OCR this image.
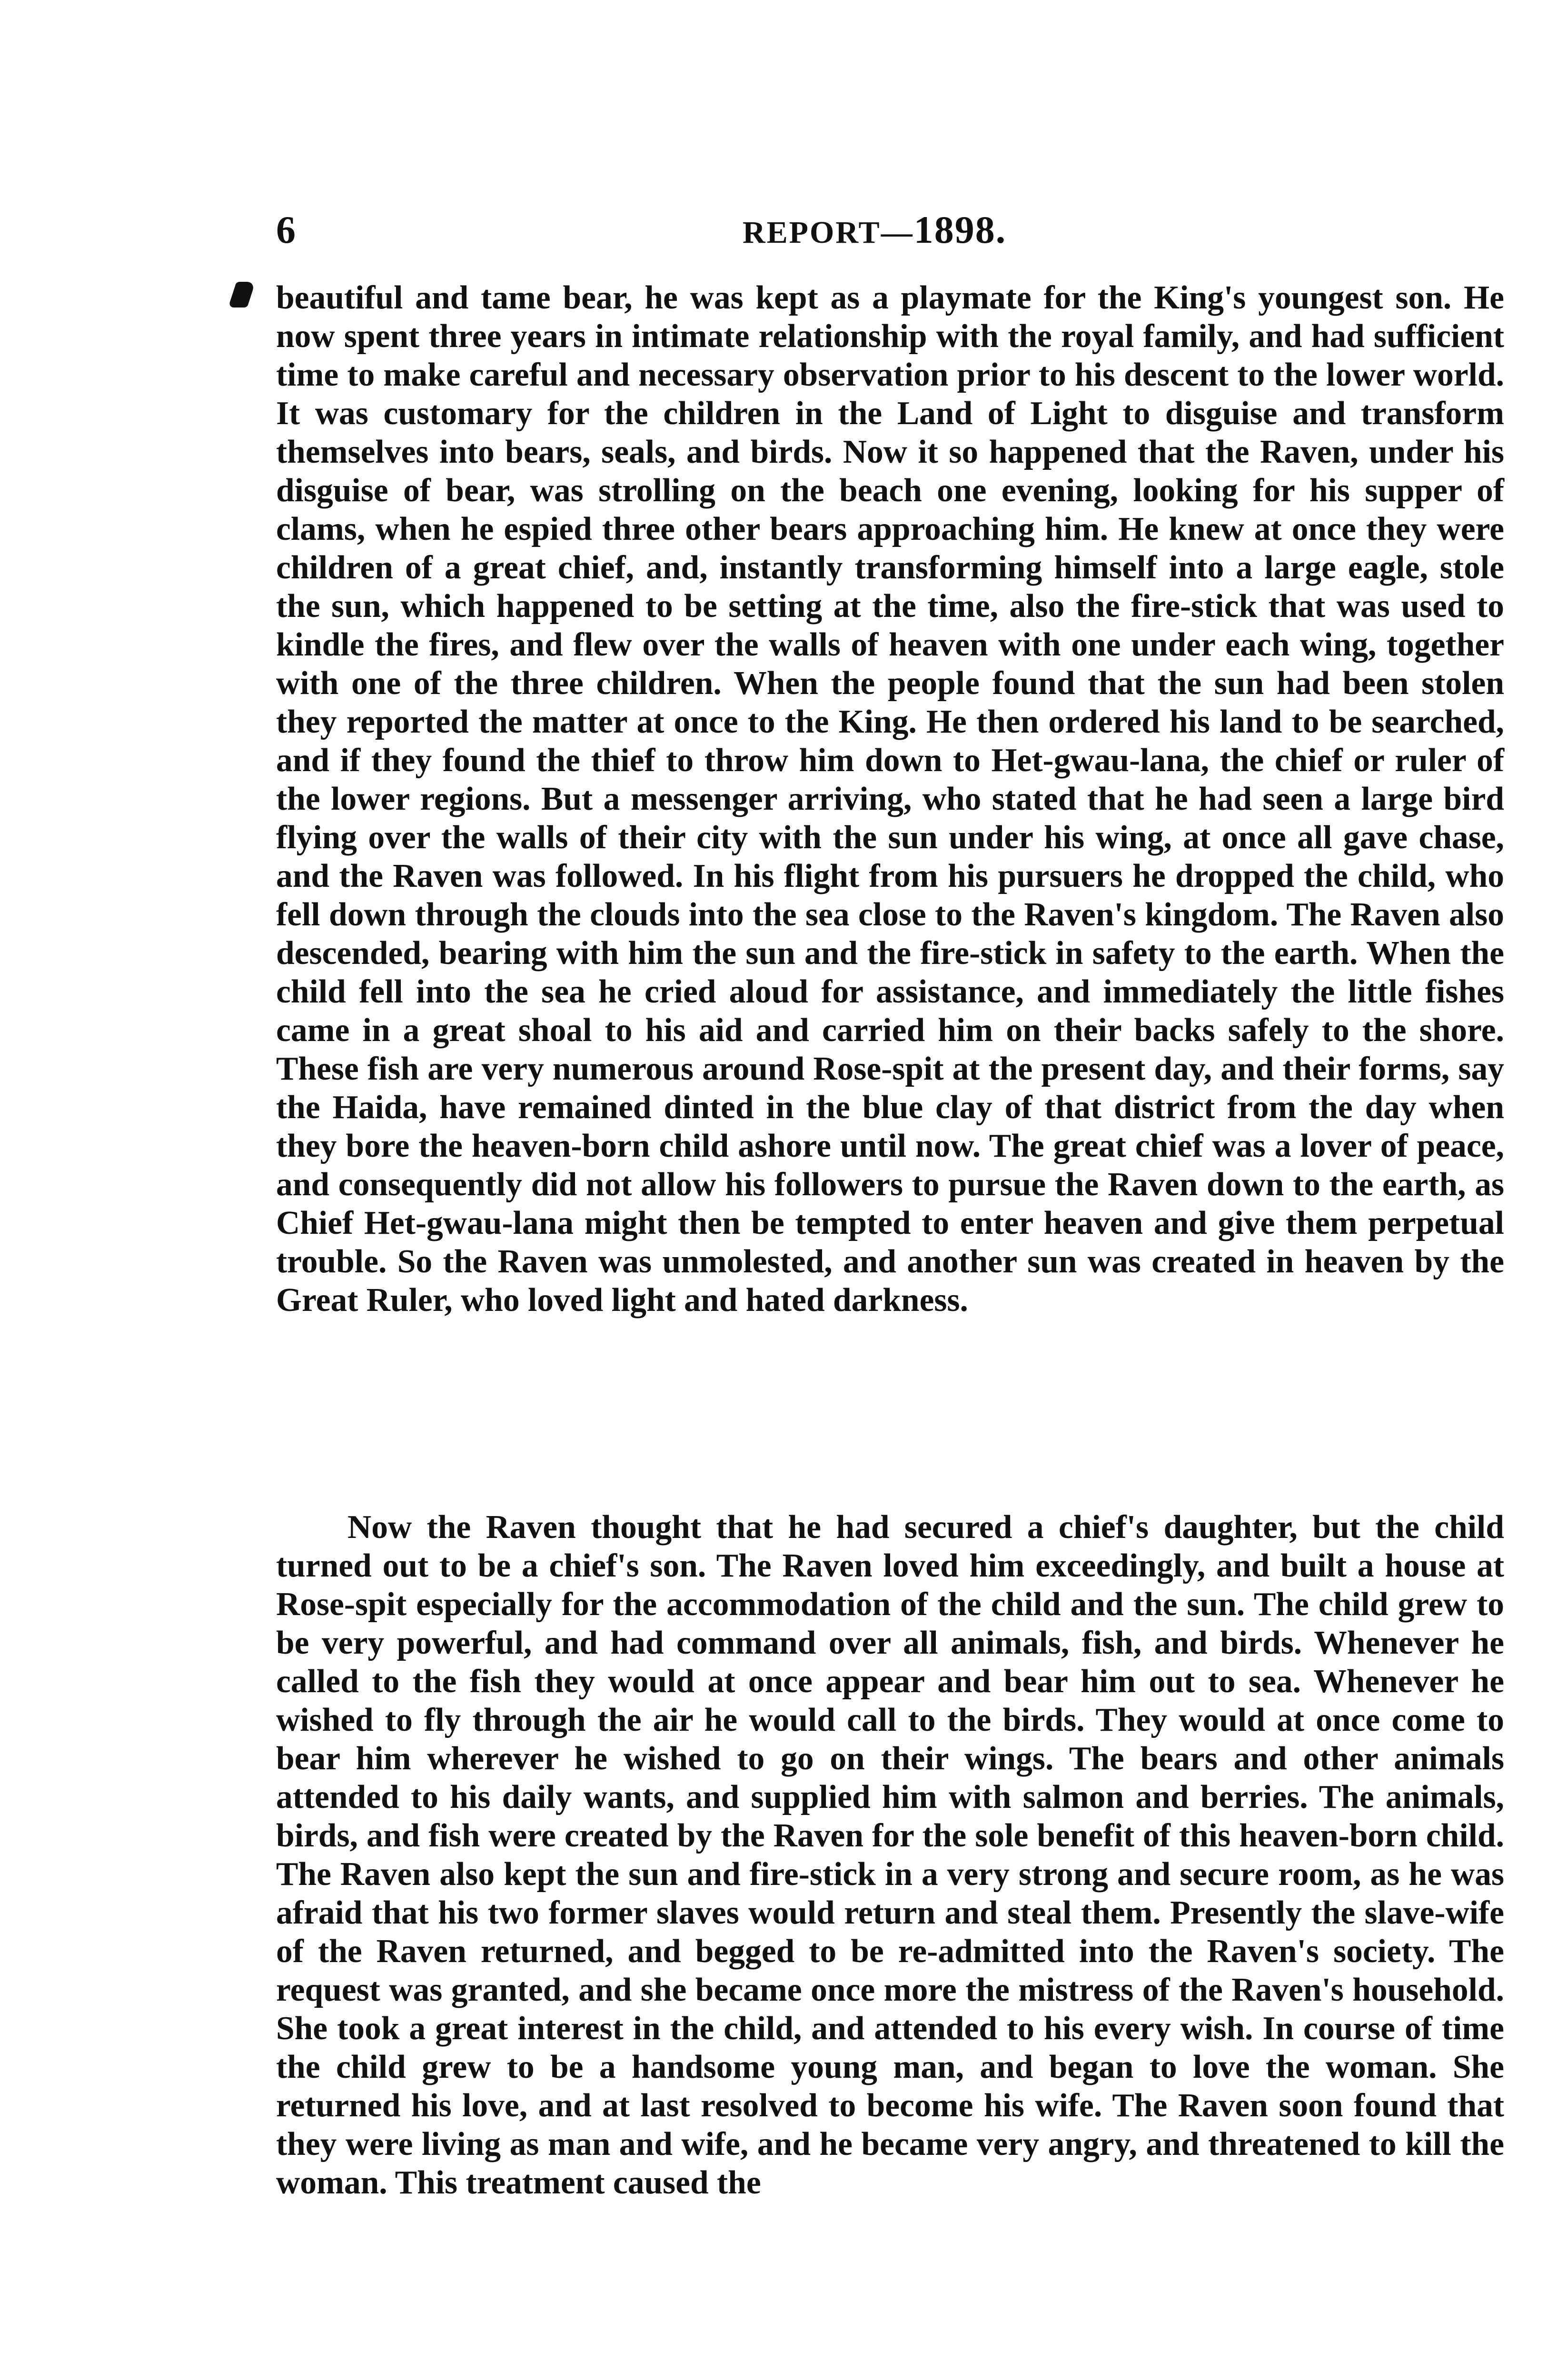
6	REPORT—1898.

beautiful and tame bear, he was kept as a playmate for the King's youngest son. He now spent three years in intimate relationship with the royal family, and had sufficient time to make careful and necessary observation prior to his descent to the lower world. It was customary for the children in the Land of Light to disguise and transform themselves into bears, seals, and birds. Now it so happened that the Raven, under his disguise of bear, was strolling on the beach one evening, looking for his supper of clams, when he espied three other bears approaching him. He knew at once they were children of a great chief, and, instantly transforming himself into a large eagle, stole the sun, which happened to be setting at the time, also the fire-stick that was used to kindle the fires, and flew over the walls of heaven with one under each wing, together with one of the three children. When the people found that the sun had been stolen they reported the matter at once to the King. He then ordered his land to be searched, and if they found the thief to throw him down to Het-gwau-lana, the chief or ruler of the lower regions. But a messenger arriving, who stated that he had seen a large bird flying over the walls of their city with the sun under his wing, at once all gave chase, and the Raven was followed. In his flight from his pursuers he dropped the child, who fell down through the clouds into the sea close to the Raven's kingdom. The Raven also descended, bearing with him the sun and the fire-stick in safety to the earth. When the child fell into the sea he cried aloud for assistance, and immediately the little fishes came in a great shoal to his aid and carried him on their backs safely to the shore. These fish are very numerous around Rose-spit at the present day, and their forms, say the Haida, have remained dinted in the blue clay of that district from the day when they bore the heaven-born child ashore until now. The great chief was a lover of peace, and consequently did not allow his followers to pursue the Raven down to the earth, as Chief Het-gwau-lana might then be tempted to enter heaven and give them perpetual trouble. So the Raven was unmolested, and another sun was created in heaven by the Great Ruler, who loved light and hated darkness.

Now the Raven thought that he had secured a chief's daughter, but the child turned out to be a chief's son. The Raven loved him exceedingly, and built a house at Rose-spit especially for the accommodation of the child and the sun. The child grew to be very powerful, and had command over all animals, fish, and birds. Whenever he called to the fish they would at once appear and bear him out to sea. Whenever he wished to fly through the air he would call to the birds. They would at once come to bear him wherever he wished to go on their wings. The bears and other animals attended to his daily wants, and supplied him with salmon and berries. The animals, birds, and fish were created by the Raven for the sole benefit of this heaven-born child. The Raven also kept the sun and fire-stick in a very strong and secure room, as he was afraid that his two former slaves would return and steal them. Presently the slave-wife of the Raven returned, and begged to be re-admitted into the Raven's society. The request was granted, and she became once more the mistress of the Raven's household. She took a great interest in the child, and attended to his every wish. In course of time the child grew to be a handsome young man, and began to love the woman. She returned his love, and at last resolved to become his wife. The Raven soon found that they were living as man and wife, and he became very angry, and threatened to kill the woman. This treatment caused the
